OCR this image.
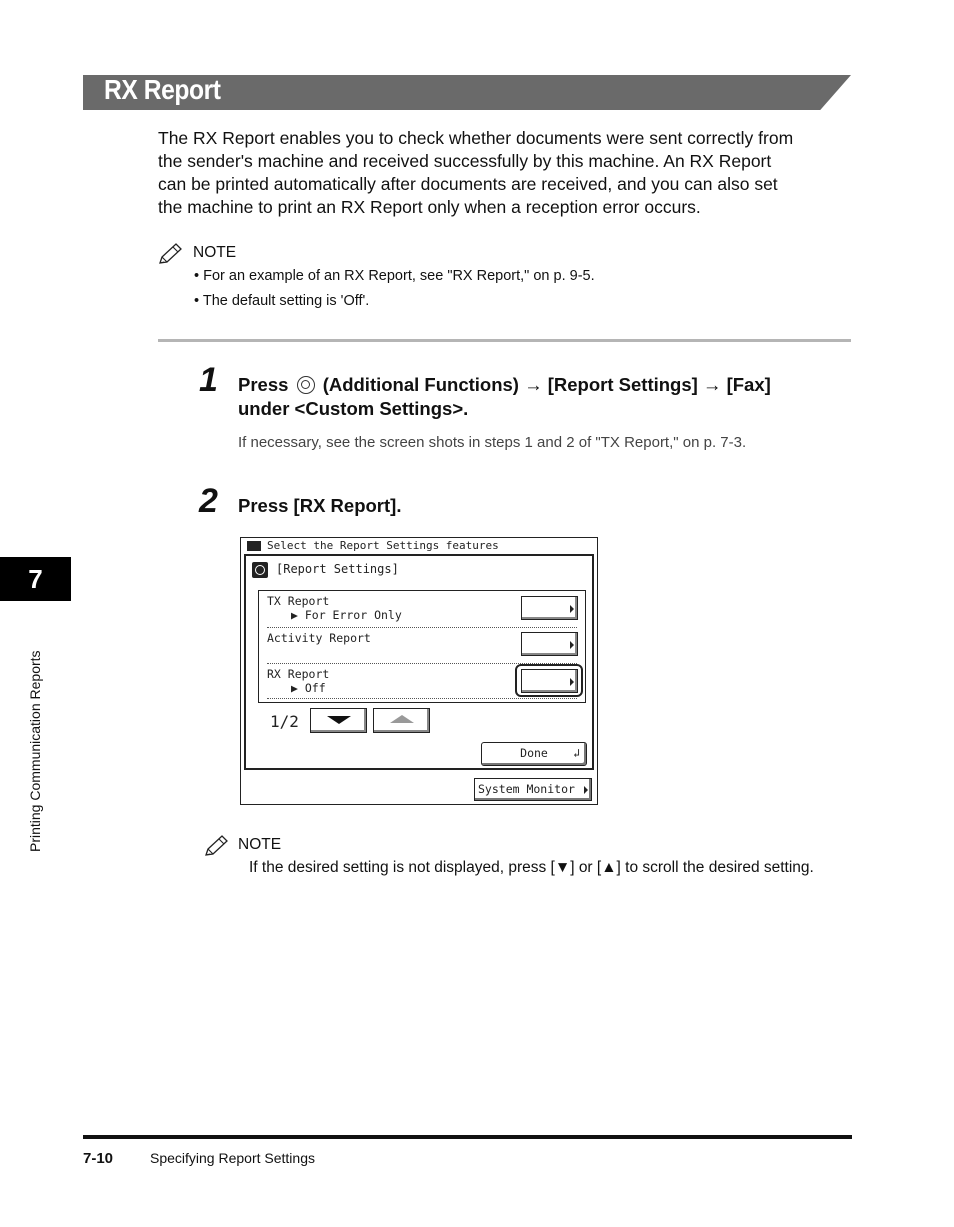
RX Report
The RX Report enables you to check whether documents were sent correctly from
the sender's machine and received successfully by this machine. An RX Report
can be printed automatically after documents are received, and you can also set
the machine to print an RX Report only when a reception error occurs.
NOTE
• For an example of an RX Report, see "RX Report," on p. 9-5.
• The default setting is 'Off'.
1 Press (Additional Functions) → [Report Settings] → [Fax]
under <Custom Settings>.
If necessary, see the screen shots in steps 1 and 2 of "TX Report," on p. 7-3.
2 Press [RX Report].
Select the Report Settings features
[Report Settings]
TX Report
▶ For Error Only
Activity Report
RX Report
▶ Off
1/2
Done ↲
System Monitor
NOTE
If the desired setting is not displayed, press [▼] or [▲] to scroll the desired setting.
7
Printing Communication Reports
7-10	Specifying Report Settings
